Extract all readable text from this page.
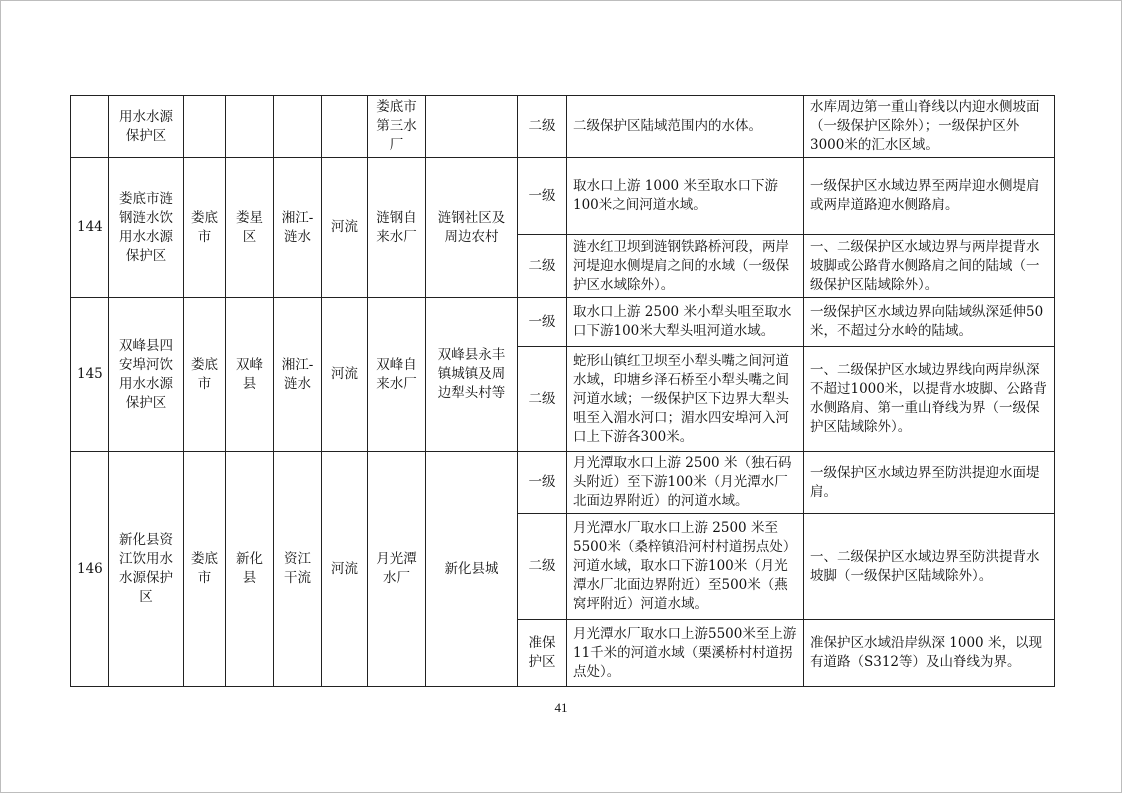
	用水水源保护区					娄底市第三水厂		二级	二级保护区陆域范围内的水体。	水库周边第一重山脊线以内迎水侧坡面（一级保护区除外）；一级保护区外3000米的汇水区域。
144	娄底市涟钢涟水饮用水水源保护区	娄底市	娄星区	湘江-涟水	河流	涟钢自来水厂	涟钢社区及周边农村	一级	取水口上游 1000 米至取水口下游100米之间河道水域。	一级保护区水域边界至两岸迎水侧堤肩或两岸道路迎水侧路肩。
								二级	涟水红卫坝到涟钢铁路桥河段，两岸河堤迎水侧堤肩之间的水域（一级保护区水域除外）。	一、二级保护区水域边界与两岸提背水坡脚或公路背水侧路肩之间的陆域（一级保护区陆域除外）。
145	双峰县四安埠河饮用水水源保护区	娄底市	双峰县	湘江-涟水	河流	双峰自来水厂	双峰县永丰镇城镇及周边犁头村等	一级	取水口上游 2500 米小犁头咀至取水口下游100米大犁头咀河道水域。	一级保护区水域边界向陆域纵深延伸50米，不超过分水岭的陆域。
								二级	蛇形山镇红卫坝至小犁头嘴之间河道水域，印塘乡泽石桥至小犁头嘴之间河道水域；一级保护区下边界大犁头咀至入湄水河口；湄水四安埠河入河口上下游各300米。	一、二级保护区水域边界线向两岸纵深不超过1000米，以提背水坡脚、公路背水侧路肩、第一重山脊线为界（一级保护区陆域除外）。
146	新化县资江饮用水水源保护区	娄底市	新化县	资江干流	河流	月光潭水厂	新化县城	一级	月光潭取水口上游 2500 米（独石码头附近）至下游100米（月光潭水厂北面边界附近）的河道水域。	一级保护区水域边界至防洪提迎水面堤肩。
								二级	月光潭水厂取水口上游 2500 米至5500米（桑梓镇沿河村村道拐点处）河道水域，取水口下游100米（月光潭水厂北面边界附近）至500米（燕窝坪附近）河道水域。	一、二级保护区水域边界至防洪提背水坡脚（一级保护区陆域除外）。
								准保护区	月光潭水厂取水口上游5500米至上游11千米的河道水域（栗溪桥村村道拐点处）。	准保护区水域沿岸纵深 1000 米，以现有道路（S312等）及山脊线为界。
41
